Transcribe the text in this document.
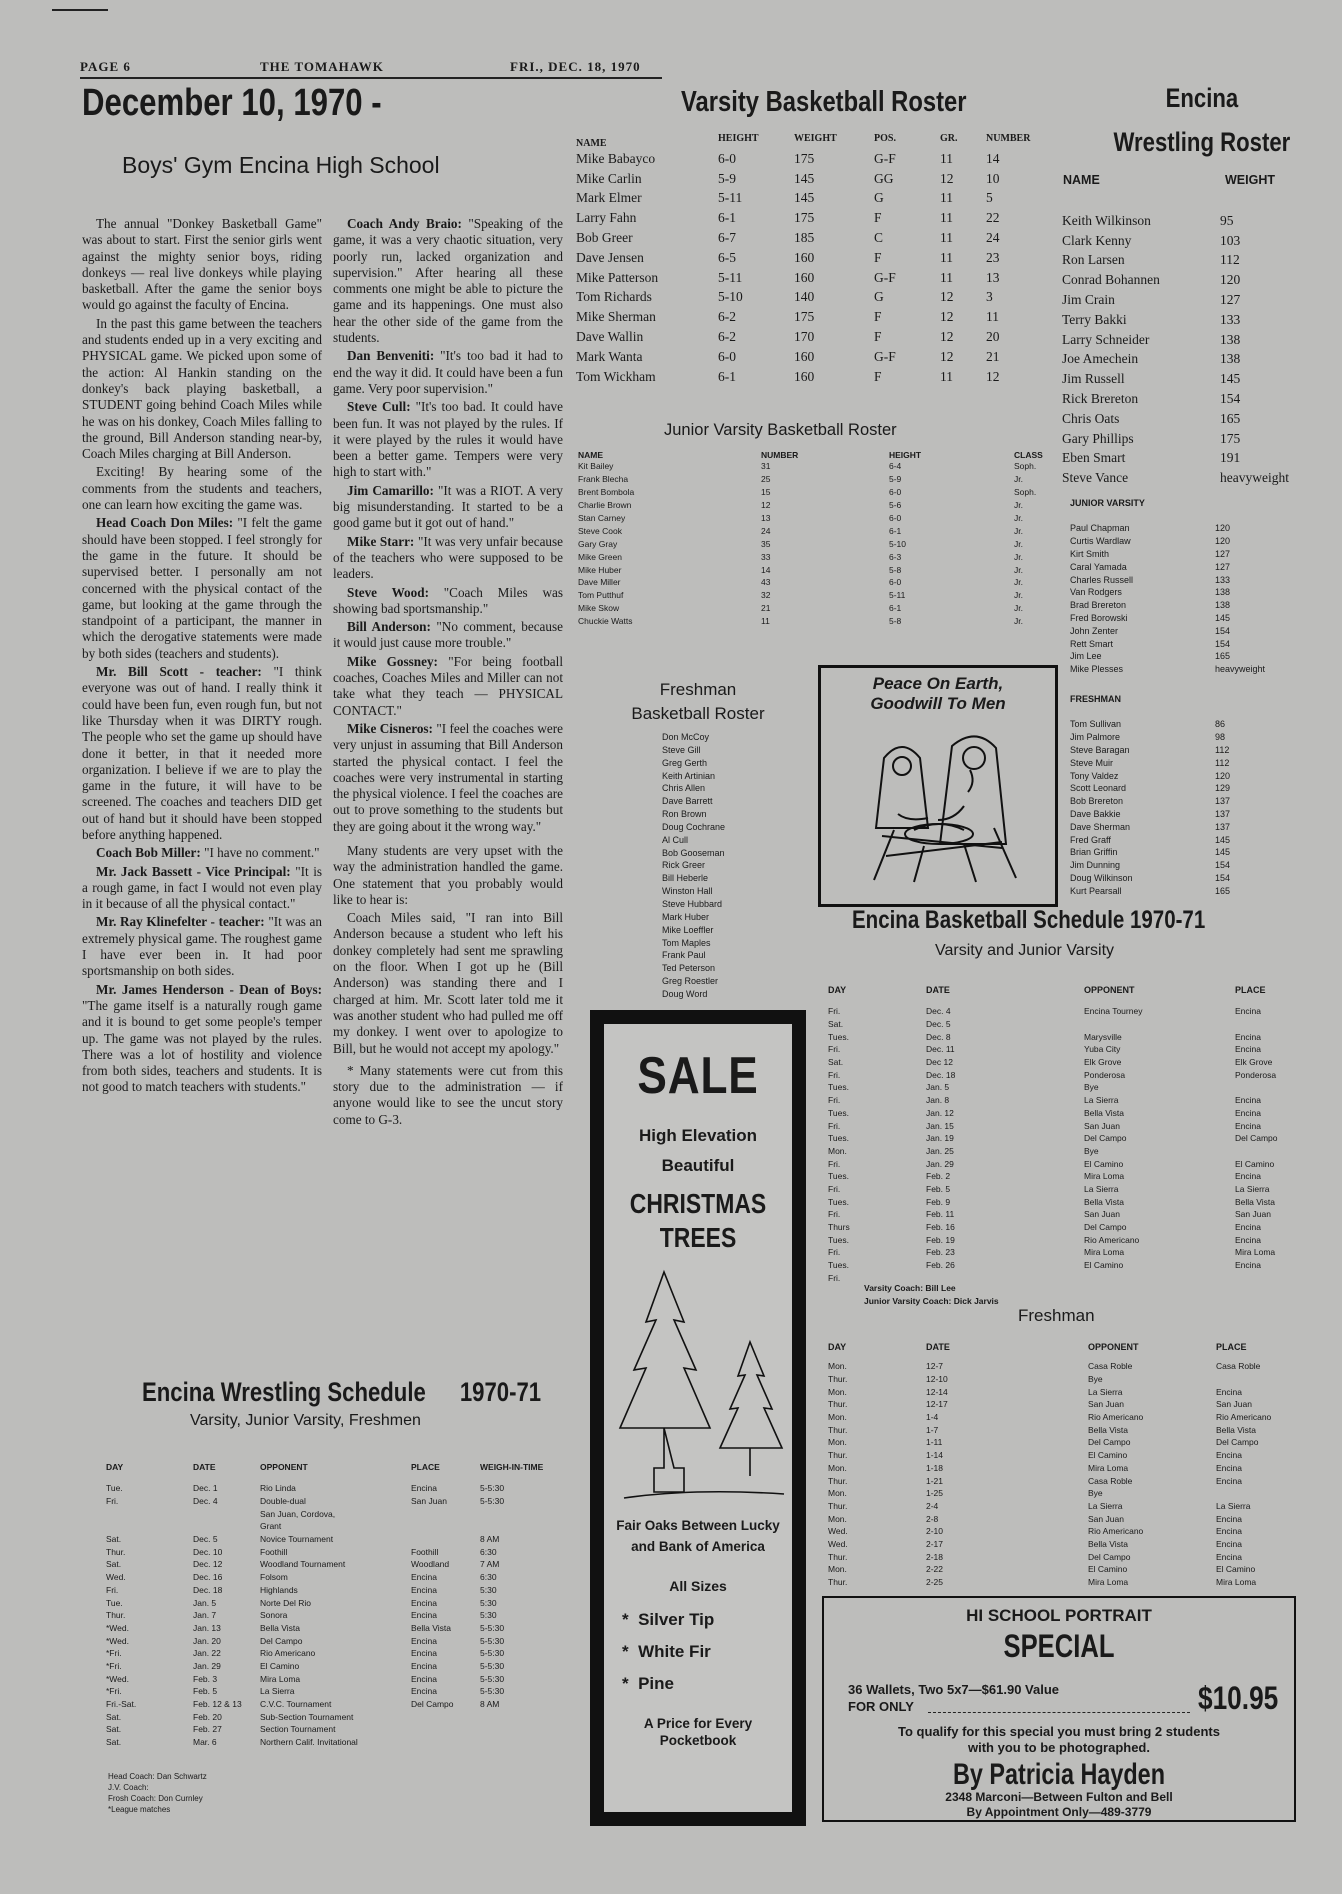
PAGE 6	THE TOMAHAWK	FRI., DEC. 18, 1970
December 10, 1970 -
Boys' Gym Encina High School

The annual "Donkey Basketball Game" was about to start. First the senior girls went against the mighty senior boys, riding donkeys — real live donkeys while playing basketball. After the game the senior boys would go against the faculty of Encina.

In the past this game between the teachers and students ended up in a very exciting and PHYSICAL game. We picked upon some of the action: Al Hankin standing on the donkey's back playing basketball, a STUDENT going behind Coach Miles while he was on his donkey, Coach Miles falling to the ground, Bill Anderson standing near-by, Coach Miles charging at Bill Anderson.

Exciting! By hearing some of the comments from the students and teachers, one can learn how exciting the game was.

Head Coach Don Miles: "I felt the game should have been stopped. I feel strongly for the game in the future. It should be supervised better. I personally am not concerned with the physical contact of the game, but looking at the game through the standpoint of a participant, the manner in which the derogative statements were made by both sides (teachers and students).

Mr. Bill Scott - teacher: "I think everyone was out of hand. I really think it could have been fun, even rough fun, but not like Thursday when it was DIRTY rough. The people who set the game up should have done it better, in that it needed more organization. I believe if we are to play the game in the future, it will have to be screened. The coaches and teachers DID get out of hand but it should have been stopped before anything happened.

Coach Bob Miller: "I have no comment."

Mr. Jack Bassett - Vice Principal: "It is a rough game, in fact I would not even play in it because of all the physical contact."

Mr. Ray Klinefelter - teacher: "It was an extremely physical game. The roughest game I have ever been in. It had poor sportsmanship on both sides.

Mr. James Henderson - Dean of Boys: "The game itself is a naturally rough game and it is bound to get some people's temper up. The game was not played by the rules. There was a lot of hostility and violence from both sides, teachers and students. It is not good to match teachers with students."

Coach Andy Braio: "Speaking of the game, it was a very chaotic situation, very poorly run, lacked organization and supervision." After hearing all these comments one might be able to picture the game and its happenings. One must also hear the other side of the game from the students.

Dan Benveniti: "It's too bad it had to end the way it did. It could have been a fun game. Very poor supervision."

Steve Cull: "It's too bad. It could have been fun. It was not played by the rules. If it were played by the rules it would have been a better game. Tempers were very high to start with."

Jim Camarillo: "It was a RIOT. A very big misunderstanding. It started to be a good game but it got out of hand."

Mike Starr: "It was very unfair because of the teachers who were supposed to be leaders.

Steve Wood: "Coach Miles was showing bad sportsmanship."

Bill Anderson: "No comment, because it would just cause more trouble."

Mike Gossney: "For being football coaches, Coaches Miles and Miller can not take what they teach — PHYSICAL CONTACT."

Mike Cisneros: "I feel the coaches were very unjust in assuming that Bill Anderson started the physical contact. I feel the coaches were very instrumental in starting the physical violence. I feel the coaches are out to prove something to the students but they are going about it the wrong way."

Many students are very upset with the way the administration handled the game. One statement that you probably would like to hear is:

Coach Miles said, "I ran into Bill Anderson because a student who left his donkey completely had sent me sprawling on the floor. When I got up he (Bill Anderson) was standing there and I charged at him. Mr. Scott later told me it was another student who had pulled me off my donkey. I went over to apologize to Bill, but he would not accept my apology."

* Many statements were cut from this story due to the administration — if anyone would like to see the uncut story come to G-3.

Varsity Basketball Roster
NAME	HEIGHT	WEIGHT	POS.	GR.	NUMBER
Mike Babayco	6-0	175	G-F	11	14
Mike Carlin	5-9	145	GG	12	10
Mark Elmer	5-11	145	G	11	5
Larry Fahn	6-1	175	F	11	22
Bob Greer	6-7	185	C	11	24
Dave Jensen	6-5	160	F	11	23
Mike Patterson	5-11	160	G-F	11	13
Tom Richards	5-10	140	G	12	3
Mike Sherman	6-2	175	F	12	11
Dave Wallin	6-2	170	F	12	20
Mark Wanta	6-0	160	G-F	12	21
Tom Wickham	6-1	160	F	11	12
Junior Varsity Basketball Roster
NAME	NUMBER	HEIGHT	CLASS
Kit Bailey	31	6-4	Soph.
Frank Blecha	25	5-9	Jr.
Brent Bombola	15	6-0	Soph.
Charlie Brown	12	5-6	Jr.
Stan Carney	13	6-0	Jr.
Steve Cook	24	6-1	Jr.
Gary Gray	35	5-10	Jr.
Mike Green	33	6-3	Jr.
Mike Huber	14	5-8	Jr.
Dave Miller	43	6-0	Jr.
Tom Putthuf	32	5-11	Jr.
Mike Skow	21	6-1	Jr.
Chuckie Watts	11	5-8	Jr.
Freshman
Basketball Roster
Don McCoy
Steve Gill
Greg Gerth
Keith Artinian
Chris Allen
Dave Barrett
Ron Brown
Doug Cochrane
Al Cull
Bob Gooseman
Rick Greer
Bill Heberle
Winston Hall
Steve Hubbard
Mark Huber
Mike Loeffler
Tom Maples
Frank Paul
Ted Peterson
Greg Roestler
Doug Word
Peace On Earth,
Goodwill To Men
Encina
Wrestling Roster
NAME	WEIGHT
Keith Wilkinson	95
Clark Kenny	103
Ron Larsen	112
Conrad Bohannen	120
Jim Crain	127
Terry Bakki	133
Larry Schneider	138
Joe Amechein	138
Jim Russell	145
Rick Brereton	154
Chris Oats	165
Gary Phillips	175
Eben Smart	191
Steve Vance	heavyweight
JUNIOR VARSITY
Paul Chapman	120
Curtis Wardlaw	120
Kirt Smith	127
Caral Yamada	127
Charles Russell	133
Van Rodgers	138
Brad Brereton	138
Fred Borowski	145
John Zenter	154
Rett Smart	154
Jim Lee	165
Mike Plesses	heavyweight
FRESHMAN
Tom Sullivan	86
Jim Palmore	98
Steve Baragan	112
Steve Muir	112
Tony Valdez	120
Scott Leonard	129
Bob Brereton	137
Dave Bakkie	137
Dave Sherman	137
Fred Graff	145
Brian Griffin	145
Jim Dunning	154
Doug Wilkinson	154
Kurt Pearsall	165
Encina Basketball Schedule 1970-71
Varsity and Junior Varsity
DAY	DATE	OPPONENT	PLACE
Fri.	Dec. 4	Encina Tourney	Encina
Sat.	Dec. 5		
Tues.	Dec. 8	Marysville	Encina
Fri.	Dec. 11	Yuba City	Encina
Sat.	Dec 12	Elk Grove	Elk Grove
Fri.	Dec. 18	Ponderosa	Ponderosa
Tues.	Jan. 5	Bye	
Fri.	Jan. 8	La Sierra	Encina
Tues.	Jan. 12	Bella Vista	Encina
Fri.	Jan. 15	San Juan	Encina
Tues.	Jan. 19	Del Campo	Del Campo
Mon.	Jan. 25	Bye	
Fri.	Jan. 29	El Camino	El Camino
Tues.	Feb. 2	Mira Loma	Encina
Fri.	Feb. 5	La Sierra	La Sierra
Tues.	Feb. 9	Bella Vista	Bella Vista
Fri.	Feb. 11	San Juan	San Juan
Thurs	Feb. 16	Del Campo	Encina
Tues.	Feb. 19	Rio Americano	Encina
Fri.	Feb. 23	Mira Loma	Mira Loma
Tues.	Feb. 26	El Camino	Encina
Fri.			
Varsity Coach: Bill Lee
Junior Varsity Coach: Dick Jarvis
Freshman
DAY	DATE	OPPONENT	PLACE
Mon.	12-7	Casa Roble	Casa Roble
Thur.	12-10	Bye	
Mon.	12-14	La Sierra	Encina
Thur.	12-17	San Juan	San Juan
Mon.	1-4	Rio Americano	Rio Americano
Thur.	1-7	Bella Vista	Bella Vista
Mon.	1-11	Del Campo	Del Campo
Thur.	1-14	El Camino	Encina
Mon.	1-18	Mira Loma	Encina
Thur.	1-21	Casa Roble	Encina
Mon.	1-25	Bye	
Thur.	2-4	La Sierra	La Sierra
Mon.	2-8	San Juan	Encina
Wed.	2-10	Rio Americano	Encina
Wed.	2-17	Bella Vista	Encina
Thur.	2-18	Del Campo	Encina
Mon.	2-22	El Camino	El Camino
Thur.	2-25	Mira Loma	Mira Loma
Encina Wrestling Schedule 1970-71
Varsity, Junior Varsity, Freshmen
DAY	DATE	OPPONENT	PLACE	WEIGH-IN-TIME
Tue.	Dec. 1	Rio Linda	Encina	5-5:30
Fri.	Dec. 4	Double-dual	San Juan	5-5:30
		San Juan, Cordova,		
		Grant		
Sat.	Dec. 5	Novice Tournament		8 AM
Thur.	Dec. 10	Foothill	Foothill	6:30
Sat.	Dec. 12	Woodland Tournament	Woodland	7 AM
Wed.	Dec. 16	Folsom	Encina	6:30
Fri.	Dec. 18	Highlands	Encina	5:30
Tue.	Jan. 5	Norte Del Rio	Encina	5:30
Thur.	Jan. 7	Sonora	Encina	5:30
*Wed.	Jan. 13	Bella Vista	Bella Vista	5-5:30
*Wed.	Jan. 20	Del Campo	Encina	5-5:30
*Fri.	Jan. 22	Rio Americano	Encina	5-5:30
*Fri.	Jan. 29	El Camino	Encina	5-5:30
*Wed.	Feb. 3	Mira Loma	Encina	5-5:30
*Fri.	Feb. 5	La Sierra	Encina	5-5:30
Fri.-Sat.	Feb. 12 & 13	C.V.C. Tournament	Del Campo	8 AM
Sat.	Feb. 20	Sub-Section Tournament		
Sat.	Feb. 27	Section Tournament		
Sat.	Mar. 6	Northern Calif. Invitational		
Head Coach: Dan Schwartz
J.V. Coach:
Frosh Coach: Don Curnley
*League matches
SALE
High Elevation
Beautiful
CHRISTMAS
TREES
Fair Oaks Between Lucky
and Bank of America
All Sizes
*  Silver Tip
*  White Fir
*  Pine
A Price for Every
Pocketbook
HI SCHOOL PORTRAIT
SPECIAL
36 Wallets, Two 5x7—$61.90 Value
FOR ONLY	$10.95
To qualify for this special you must bring 2 students
with you to be photographed.
By Patricia Hayden
2348 Marconi—Between Fulton and Bell
By Appointment Only—489-3779
